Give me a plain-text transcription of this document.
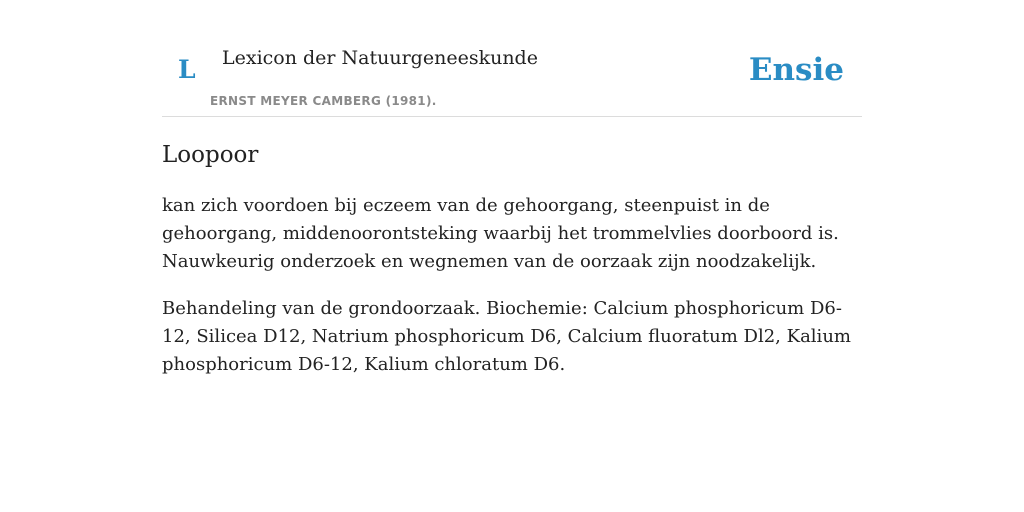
L Lexicon der Natuurgeneeskunde
ERNST MEYER CAMBERG (1981).
Ensie
Loopoor

kan zich voordoen bij eczeem van de gehoorgang, steenpuist in de gehoorgang, middenoorontsteking waarbij het trommelvlies doorboord is. Nauwkeurig onderzoek en wegnemen van de oorzaak zijn noodzakelijk.

Behandeling van de grondoorzaak. Biochemie: Calcium phosphoricum D6-12, Silicea D12, Natrium phosphoricum D6, Calcium fluoratum Dl2, Kalium phosphoricum D6-12, Kalium chloratum D6.
